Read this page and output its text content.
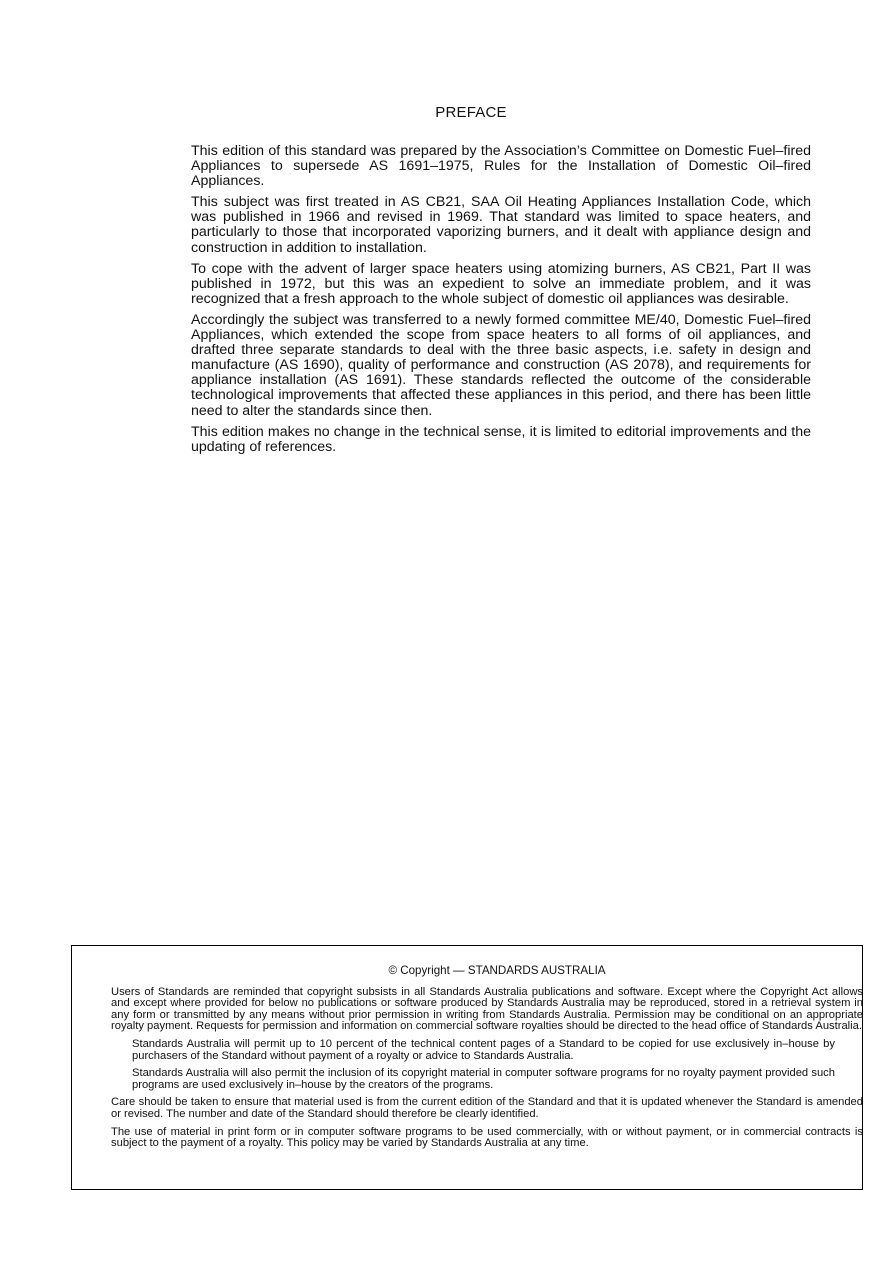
PREFACE

This edition of this standard was prepared by the Association’s Committee on Domestic Fuel–fired Appliances to supersede AS 1691–1975, Rules for the Installation of Domestic Oil–fired Appliances.

This subject was first treated in AS CB21, SAA Oil Heating Appliances Installation Code, which was published in 1966 and revised in 1969. That standard was limited to space heaters, and particularly to those that incorporated vaporizing burners, and it dealt with appliance design and construction in addition to installation.

To cope with the advent of larger space heaters using atomizing burners, AS CB21, Part II was published in 1972, but this was an expedient to solve an immediate problem, and it was recognized that a fresh approach to the whole subject of domestic oil appliances was desirable.

Accordingly the subject was transferred to a newly formed committee ME/40, Domestic Fuel–fired Appliances, which extended the scope from space heaters to all forms of oil appliances, and drafted three separate standards to deal with the three basic aspects, i.e. safety in design and manufacture (AS 1690), quality of performance and construction (AS 2078), and requirements for appliance installation (AS 1691). These standards reflected the outcome of the considerable technological improvements that affected these appliances in this period, and there has been little need to alter the standards since then.

This edition makes no change in the technical sense, it is limited to editorial improvements and the updating of references.

© Copyright — STANDARDS AUSTRALIA

Users of Standards are reminded that copyright subsists in all Standards Australia publications and software. Except where the Copyright Act allows and except where provided for below no publications or software produced by Standards Australia may be reproduced, stored in a retrieval system in any form or transmitted by any means without prior permission in writing from Standards Australia. Permission may be conditional on an appropriate royalty payment. Requests for permission and information on commercial software royalties should be directed to the head office of Standards Australia.

Standards Australia will permit up to 10 percent of the technical content pages of a Standard to be copied for use exclusively in–house by purchasers of the Standard without payment of a royalty or advice to Standards Australia.

Standards Australia will also permit the inclusion of its copyright material in computer software programs for no royalty payment provided such programs are used exclusively in–house by the creators of the programs.

Care should be taken to ensure that material used is from the current edition of the Standard and that it is updated whenever the Standard is amended or revised. The number and date of the Standard should therefore be clearly identified.

The use of material in print form or in computer software programs to be used commercially, with or without payment, or in commercial contracts is subject to the payment of a royalty. This policy may be varied by Standards Australia at any time.
